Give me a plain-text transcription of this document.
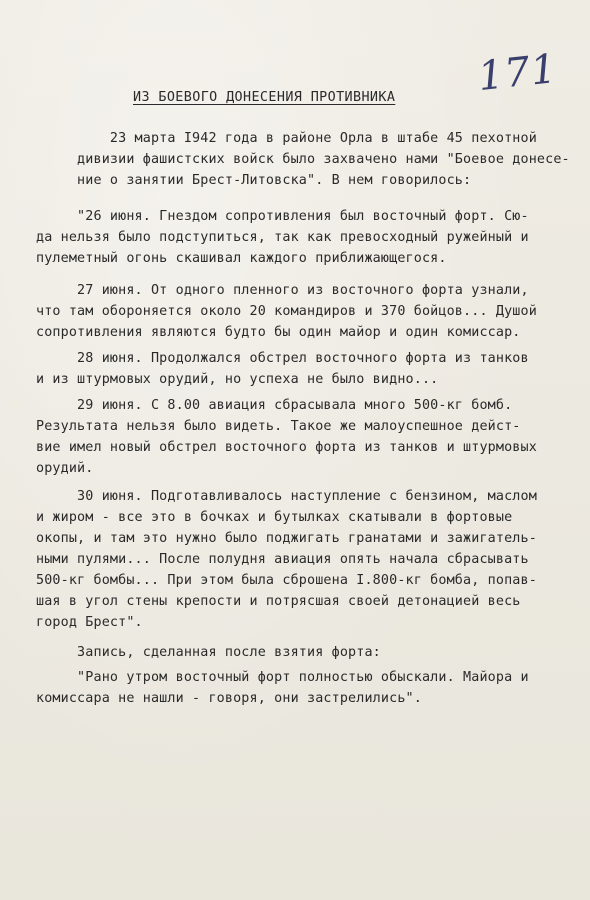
171
ИЗ БОЕВОГО ДОНЕСЕНИЯ ПРОТИВНИКА
23 марта I942 года в районе Орла в штабе 45 пехотной
дивизии фашистских войск было захвачено нами "Боевое донесе-
ние о занятии Брест-Литовска". В нем говорилось:
"26 июня. Гнездом сопротивления был восточный форт. Сю-
да нельзя было подступиться, так как превосходный ружейный и
пулеметный огонь скашивал каждого приближающегося.
27 июня. От одного пленного из восточного форта узнали,
что там обороняется около 20 командиров и 370 бойцов... Душой
сопротивления являются будто бы один майор и один комиссар.
28 июня. Продолжался обстрел восточного форта из танков
и из штурмовых орудий, но успеха не было видно...
29 июня. С 8.00 авиация сбрасывала много 500-кг бомб.
Результата нельзя было видеть. Такое же малоуспешное дейст-
вие имел новый обстрел восточного форта из танков и штурмовых
орудий.
30 июня. Подготавливалось наступление с бензином, маслом
и жиром - все это в бочках и бутылках скатывали в фортовые
окопы, и там это нужно было поджигать гранатами и зажигатель-
ными пулями... После полудня авиация опять начала сбрасывать
500-кг бомбы... При этом была сброшена I.800-кг бомба, попав-
шая в угол стены крепости и потрясшая своей детонацией весь
город Брест".
Запись, сделанная после взятия форта:
"Рано утром восточный форт полностью обыскали. Майора и
комиссара не нашли - говоря, они застрелились".
